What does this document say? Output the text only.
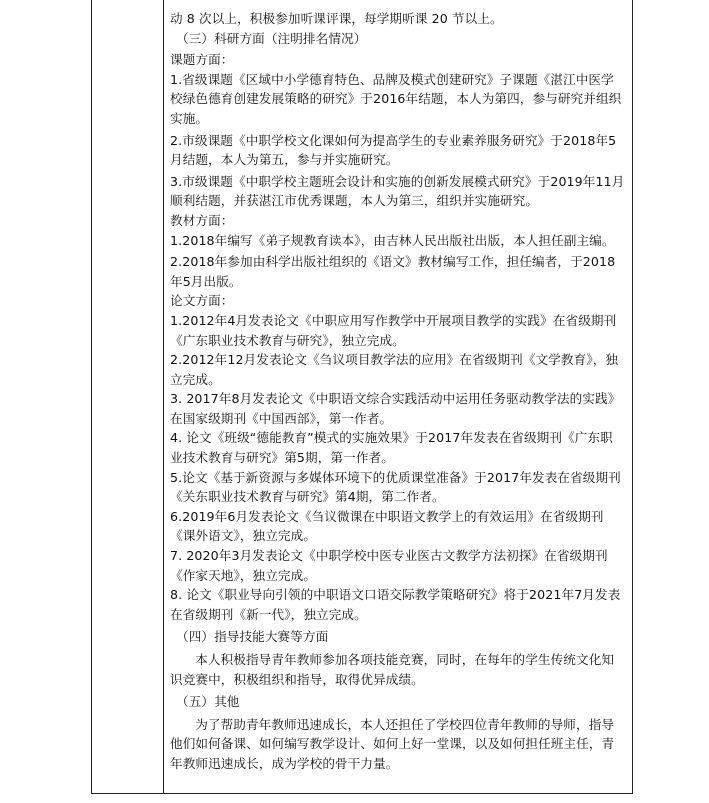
动 8 次以上，积极参加听课评课，每学期听课 20 节以上。

（三）科研方面（注明排名情况）

课题方面：

1.省级课题《区域中小学德育特色、品牌及模式创建研究》子课题《湛江中医学校绿色德育创建发展策略的研究》于2016年结题，本人为第四，参与研究并组织实施。

2.市级课题《中职学校文化课如何为提高学生的专业素养服务研究》于2018年5月结题，本人为第五，参与并实施研究。

3.市级课题《中职学校主题班会设计和实施的创新发展模式研究》于2019年11月顺利结题，并获湛江市优秀课题，本人为第三，组织并实施研究。

教材方面：

1.2018年编写《弟子规教育读本》，由吉林人民出版社出版，本人担任副主编。

2.2018年参加由科学出版社组织的《语文》教材编写工作，担任编者，于2018年5月出版。

论文方面：

1.2012年4月发表论文《中职应用写作教学中开展项目教学的实践》在省级期刊《广东职业技术教育与研究》，独立完成。

2.2012年12月发表论文《刍议项目教学法的应用》在省级期刊《文学教育》，独立完成。

3. 2017年8月发表论文《中职语文综合实践活动中运用任务驱动教学法的实践》在国家级期刊《中国西部》，第一作者。

4. 论文《班级“德能教育”模式的实施效果》于2017年发表在省级期刊《广东职业技术教育与研究》第5期，第一作者。

5.论文《基于新资源与多媒体环境下的优质课堂准备》于2017年发表在省级期刊《关东职业技术教育与研究》第4期，第二作者。

6.2019年6月发表论文《刍议微课在中职语文教学上的有效运用》在省级期刊《课外语文》，独立完成。

7. 2020年3月发表论文《中职学校中医专业医古文教学方法初探》在省级期刊《作家天地》，独立完成。

8. 论文《职业导向引领的中职语文口语交际教学策略研究》将于2021年7月发表在省级期刊《新一代》，独立完成。

（四）指导技能大赛等方面

本人积极指导青年教师参加各项技能竞赛，同时，在每年的学生传统文化知识竞赛中，积极组织和指导，取得优异成绩。

（五）其他

为了帮助青年教师迅速成长，本人还担任了学校四位青年教师的导师，指导他们如何备课、如何编写教学设计、如何上好一堂课，以及如何担任班主任，青年教师迅速成长，成为学校的骨干力量。
